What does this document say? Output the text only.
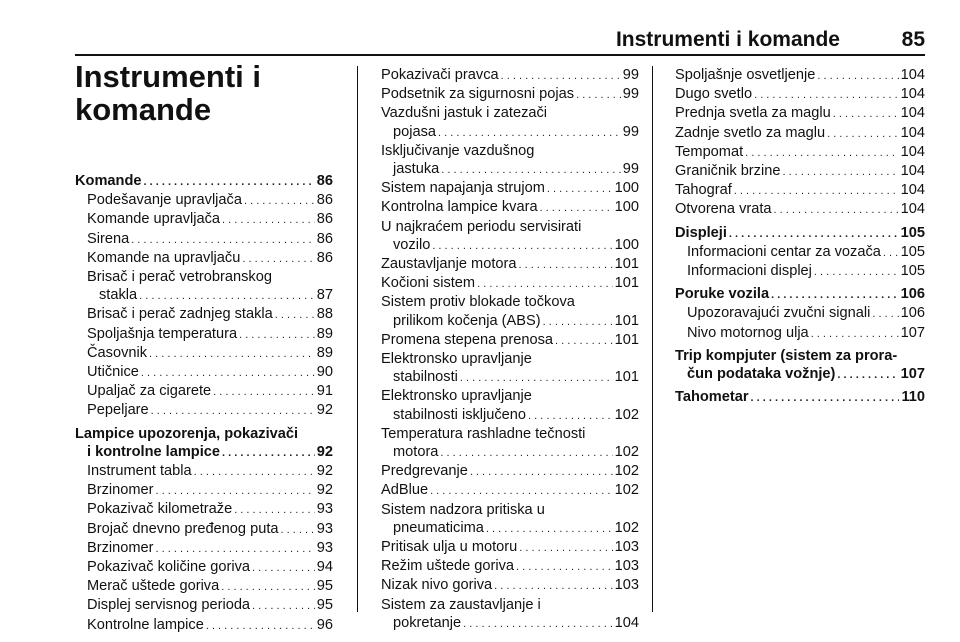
Instrumenti i komande	85
Instrumenti i komande
Komande . . .	86
Podešavanje upravljača . . .	86
Komande upravljača . . .	86
Sirena . . .	86
Komande na upravljaču . . .	86
Brisač i perač vetrobranskog
stakla . . .	87
Brisač i perač zadnjeg stakla . . .	88
Spoljašnja temperatura . . .	89
Časovnik . . .	89
Utičnice . . .	90
Upaljač za cigarete . . .	91
Pepeljare . . .	92
Lampice upozorenja, pokazivači
i kontrolne lampice . . .	92
Instrument tabla . . .	92
Brzinomer . . .	92
Pokazivač kilometraže . . .	93
Brojač dnevno pređenog puta . . .	93
Brzinomer . . .	93
Pokazivač količine goriva . . .	94
Merač uštede goriva . . .	95
Displej servisnog perioda . . .	95
Kontrolne lampice . . .	96
Pokazivači pravca . . .	99
Podsetnik za sigurnosni pojas . . .	99
Vazdušni jastuk i zatezači
pojasa . . .	99
Isključivanje vazdušnog
jastuka . . .	99
Sistem napajanja strujom . . .	100
Kontrolna lampice kvara . . .	100
U najkraćem periodu servisirati
vozilo . . .	100
Zaustavljanje motora . . .	101
Kočioni sistem . . .	101
Sistem protiv blokade točkova
prilikom kočenja (ABS) . . .	101
Promena stepena prenosa . . .	101
Elektronsko upravljanje
stabilnosti . . .	101
Elektronsko upravljanje
stabilnosti isključeno . . .	102
Temperatura rashladne tečnosti
motora . . .	102
Predgrevanje . . .	102
AdBlue . . .	102
Sistem nadzora pritiska u
pneumaticima . . .	102
Pritisak ulja u motoru . . .	103
Režim uštede goriva . . .	103
Nizak nivo goriva . . .	103
Sistem za zaustavljanje i
pokretanje . . .	104
Spoljašnje osvetljenje . . .	104
Dugo svetlo . . .	104
Prednja svetla za maglu . . .	104
Zadnje svetlo za maglu . . .	104
Tempomat . . .	104
Graničnik brzine . . .	104
Tahograf . . .	104
Otvorena vrata . . .	104
Displeji . . .	105
Informacioni centar za vozača . . . 105
Informacioni displej . . .	105
Poruke vozila . . .	106
Upozoravajući zvučni signali . . . 106
Nivo motornog ulja . . .	107
Trip kompjuter (sistem za prora-
čun podataka vožnje) . . .	107
Tahometar . . .	110
